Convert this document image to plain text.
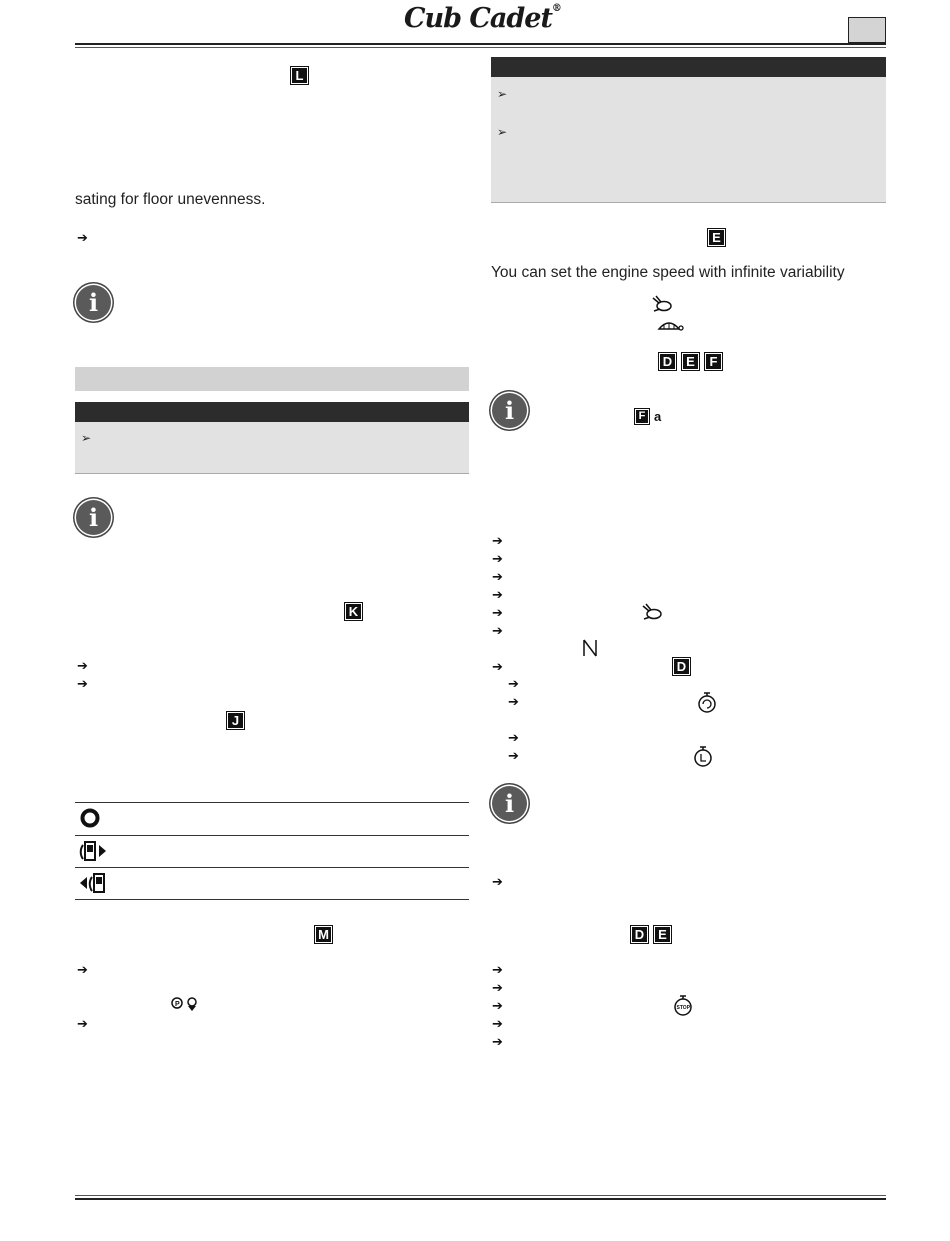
Cub Cadet®
L
sating for floor unevenness.
➔
i
➢
i
K
➔
➔
J
M
➔
P
➔
➢
➢
E
You can set the engine speed with infinite variability
D	E	F
i	F a
➔
➔
➔
➔
➔
➔
➔	D
➔
➔
➔
➔
i
➔
D	E
➔
➔
➔	STOP
➔
➔
